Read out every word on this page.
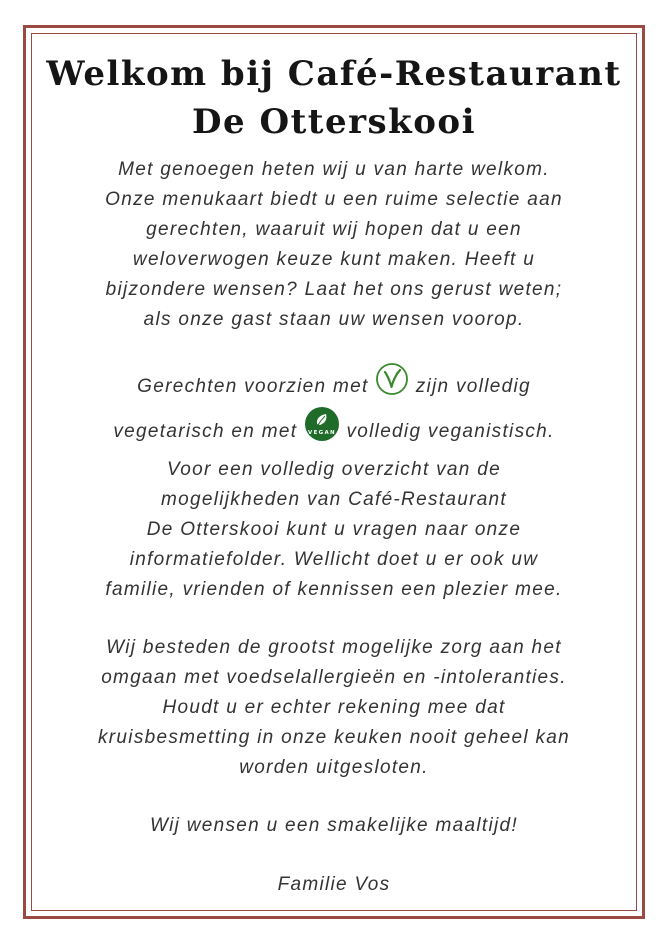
Welkom bij Café-Restaurant
De Otterskooi
Met genoegen heten wij u van harte welkom.
Onze menukaart biedt u een ruime selectie aan
gerechten, waaruit wij hopen dat u een
weloverwogen keuze kunt maken. Heeft u
bijzondere wensen? Laat het ons gerust weten;
als onze gast staan uw wensen voorop.
Gerechten voorzien met zijn volledig
vegetarisch en met VEGAN volledig veganistisch.
Voor een volledig overzicht van de
mogelijkheden van Café-Restaurant
De Otterskooi kunt u vragen naar onze
informatiefolder. Wellicht doet u er ook uw
familie, vrienden of kennissen een plezier mee.
Wij besteden de grootst mogelijke zorg aan het
omgaan met voedselallergieën en -intoleranties.
Houdt u er echter rekening mee dat
kruisbesmetting in onze keuken nooit geheel kan
worden uitgesloten.
Wij wensen u een smakelijke maaltijd!
Familie Vos
